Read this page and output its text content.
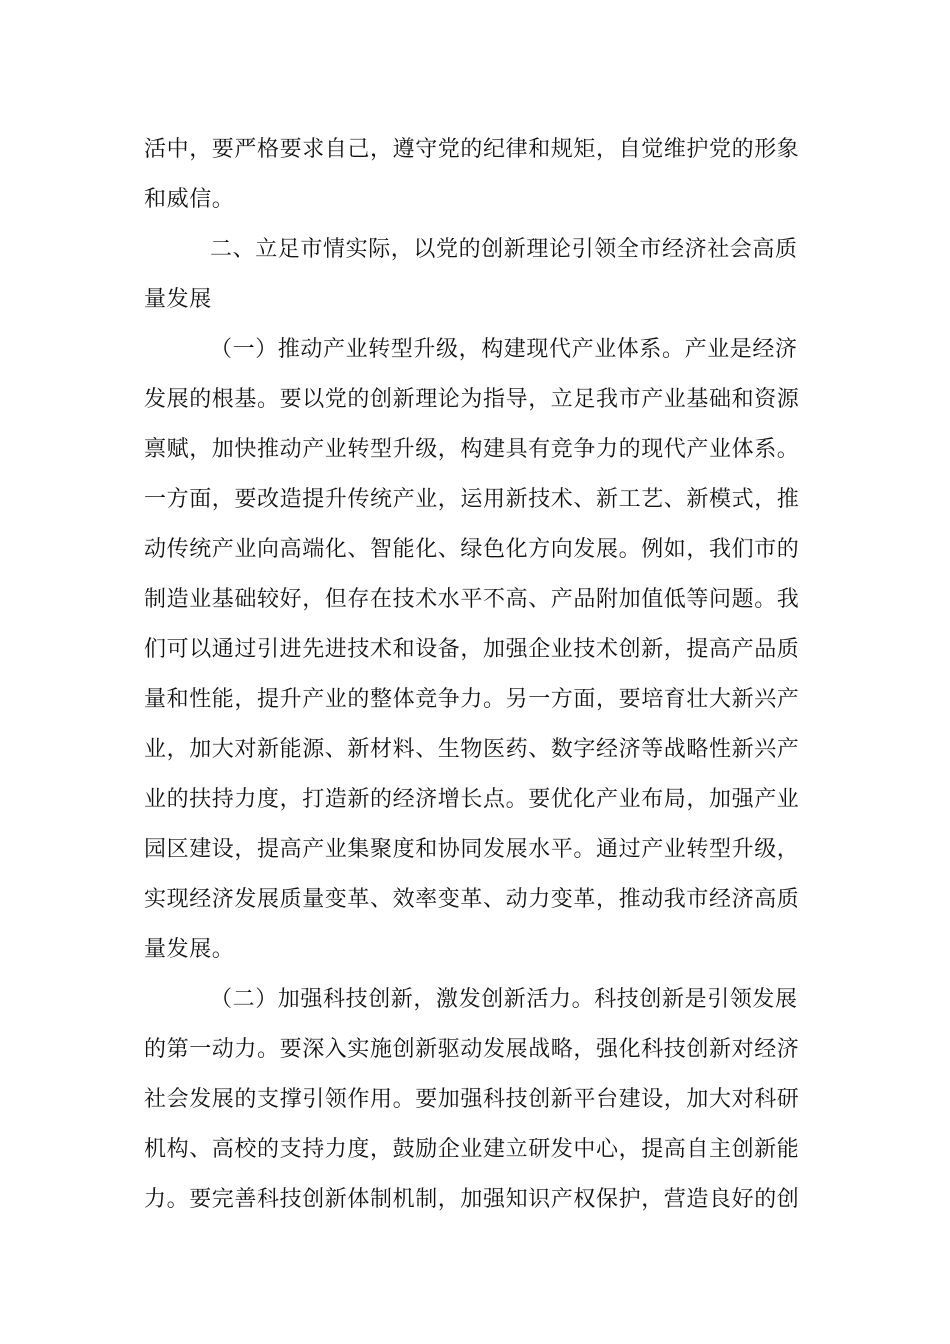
活中，要严格要求自己，遵守党的纪律和规矩，自觉维护党的形象
和威信。
二、立足市情实际，以党的创新理论引领全市经济社会高质
量发展
（一）推动产业转型升级，构建现代产业体系。产业是经济
发展的根基。要以党的创新理论为指导，立足我市产业基础和资源
禀赋，加快推动产业转型升级，构建具有竞争力的现代产业体系。
一方面，要改造提升传统产业，运用新技术、新工艺、新模式，推
动传统产业向高端化、智能化、绿色化方向发展。例如，我们市的
制造业基础较好，但存在技术水平不高、产品附加值低等问题。我
们可以通过引进先进技术和设备，加强企业技术创新，提高产品质
量和性能，提升产业的整体竞争力。另一方面，要培育壮大新兴产
业，加大对新能源、新材料、生物医药、数字经济等战略性新兴产
业的扶持力度，打造新的经济增长点。要优化产业布局，加强产业
园区建设，提高产业集聚度和协同发展水平。通过产业转型升级，
实现经济发展质量变革、效率变革、动力变革，推动我市经济高质
量发展。
（二）加强科技创新，激发创新活力。科技创新是引领发展
的第一动力。要深入实施创新驱动发展战略，强化科技创新对经济
社会发展的支撑引领作用。要加强科技创新平台建设，加大对科研
机构、高校的支持力度，鼓励企业建立研发中心，提高自主创新能
力。要完善科技创新体制机制，加强知识产权保护，营造良好的创
